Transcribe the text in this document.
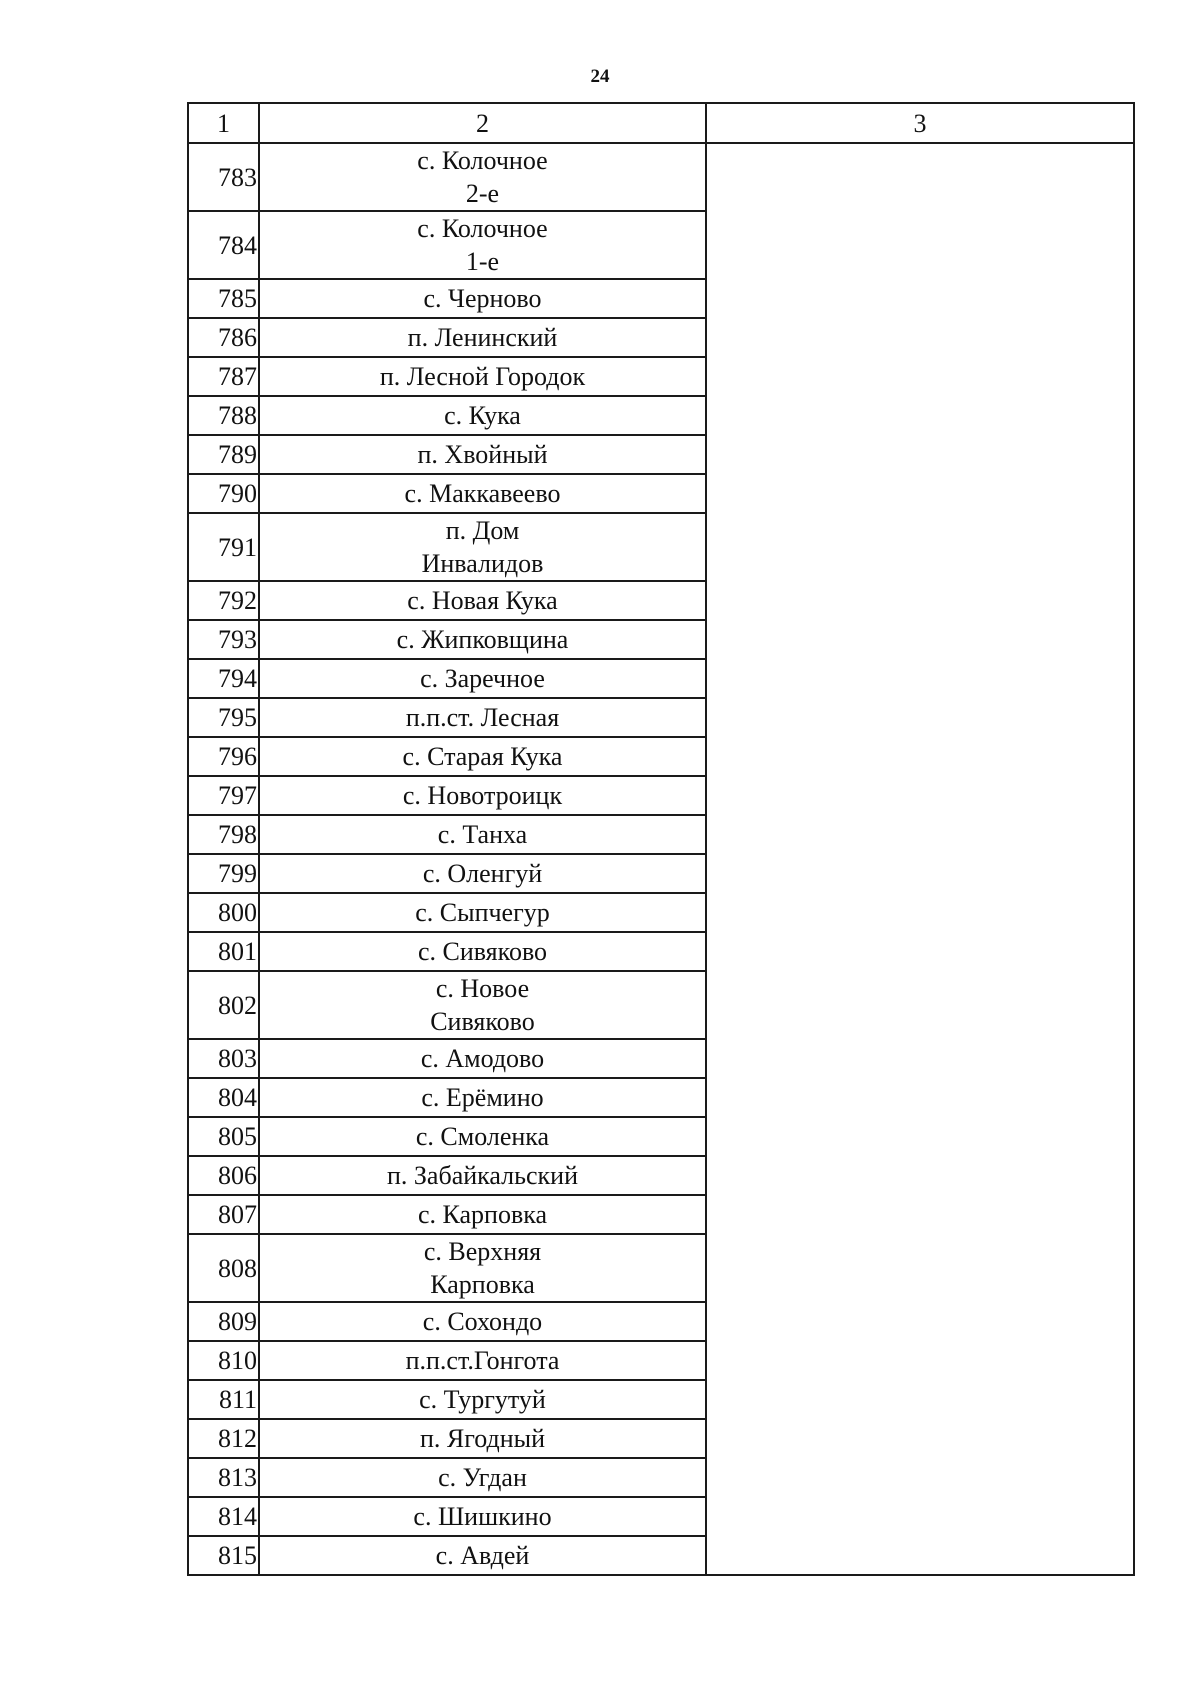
24
1	2	3
783	с. Колочное
2-е	

784	с. Колочное
1-е	

785	с. Черново	

786	п. Ленинский	

787	п. Лесной Городок	

788	с. Кука	

789	п. Хвойный	

790	с. Маккавеево	

791	п. Дом
Инвалидов	

792	с. Новая Кука	

793	с. Жипковщина	

794	с. Заречное	

795	п.п.ст. Лесная	

796	с. Старая Кука	

797	с. Новотроицк	

798	с. Танха	

799	с. Оленгуй	

800	с. Сыпчегур	

801	с. Сивяково	

802	с. Новое
Сивяково	

803	с. Амодово	

804	с. Ерёмино	

805	с. Смоленка	

806	п. Забайкальский	

807	с. Карповка	

808	с. Верхняя
Карповка	

809	с. Сохондо	

810	п.п.ст.Гонгота	

811	с. Тургутуй	

812	п. Ягодный	

813	с. Угдан	

814	с. Шишкино	

815	с. Авдей	
